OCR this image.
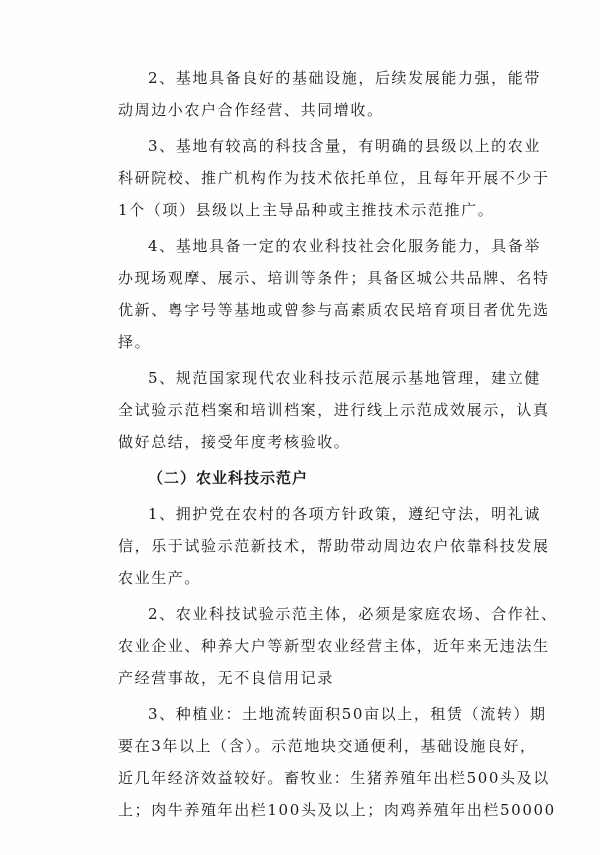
2、基地具备良好的基础设施，后续发展能力强，能带
动周边小农户合作经营、共同增收。
3、基地有较高的科技含量，有明确的县级以上的农业
科研院校、推广机构作为技术依托单位，且每年开展不少于
1个（项）县级以上主导品种或主推技术示范推广。
4、基地具备一定的农业科技社会化服务能力，具备举
办现场观摩、展示、培训等条件；具备区城公共品牌、名特
优新、粤字号等基地或曾参与高素质农民培育项目者优先选
择。
5、规范国家现代农业科技示范展示基地管理，建立健
全试验示范档案和培训档案，进行线上示范成效展示，认真
做好总结，接受年度考核验收。
（二）农业科技示范户
1、拥护党在农村的各项方针政策，遵纪守法，明礼诚
信，乐于试验示范新技术，帮助带动周边农户依靠科技发展
农业生产。
2、农业科技试验示范主体，必须是家庭农场、合作社、
农业企业、种养大户等新型农业经营主体，近年来无违法生
产经营事故，无不良信用记录
3、种植业：土地流转面积50亩以上，租赁（流转）期
要在3年以上（含）。示范地块交通便利，基础设施良好，
近几年经济效益较好。畜牧业：生猪养殖年出栏500头及以
上；肉牛养殖年出栏100头及以上；肉鸡养殖年出栏50000
